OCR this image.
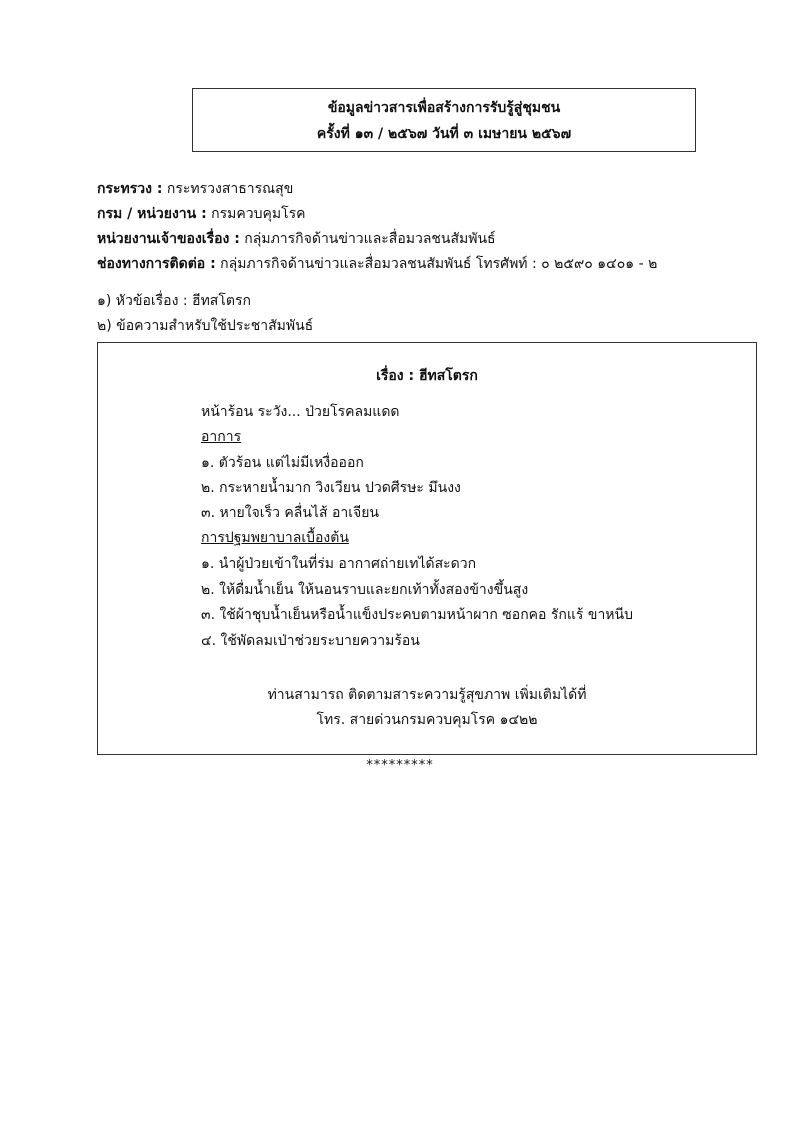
ข้อมูลข่าวสารเพื่อสร้างการรับรู้สู่ชุมชน
ครั้งที่ ๑๓ / ๒๕๖๗ วันที่ ๓ เมษายน ๒๕๖๗
กระทรวง : กระทรวงสาธารณสุข
กรม / หน่วยงาน : กรมควบคุมโรค
หน่วยงานเจ้าของเรื่อง : กลุ่มภารกิจด้านข่าวและสื่อมวลชนสัมพันธ์
ช่องทางการติดต่อ : กลุ่มภารกิจด้านข่าวและสื่อมวลชนสัมพันธ์ โทรศัพท์ : ๐ ๒๕๙๐ ๑๔๐๑ - ๒
๑) หัวข้อเรื่อง : ฮีทสโตรก
๒) ข้อความสำหรับใช้ประชาสัมพันธ์
เรื่อง : ฮีทสโตรก
หน้าร้อน ระวัง... ป่วยโรคลมแดด
อาการ
๑. ตัวร้อน แต่ไม่มีเหงื่อออก
๒. กระหายน้ำมาก วิงเวียน ปวดศีรษะ มึนงง
๓. หายใจเร็ว คลื่นไส้ อาเจียน
การปฐมพยาบาลเบื้องต้น
๑. นำผู้ป่วยเข้าในที่ร่ม อากาศถ่ายเทได้สะดวก
๒. ให้ดื่มน้ำเย็น ให้นอนราบและยกเท้าทั้งสองข้างขึ้นสูง
๓. ใช้ผ้าชุบน้ำเย็นหรือน้ำแข็งประคบตามหน้าผาก ซอกคอ รักแร้ ขาหนีบ
๔. ใช้พัดลมเป่าช่วยระบายความร้อน
ท่านสามารถ ติดตามสาระความรู้สุขภาพ เพิ่มเติมได้ที่
โทร. สายด่วนกรมควบคุมโรค ๑๔๒๒
*********
